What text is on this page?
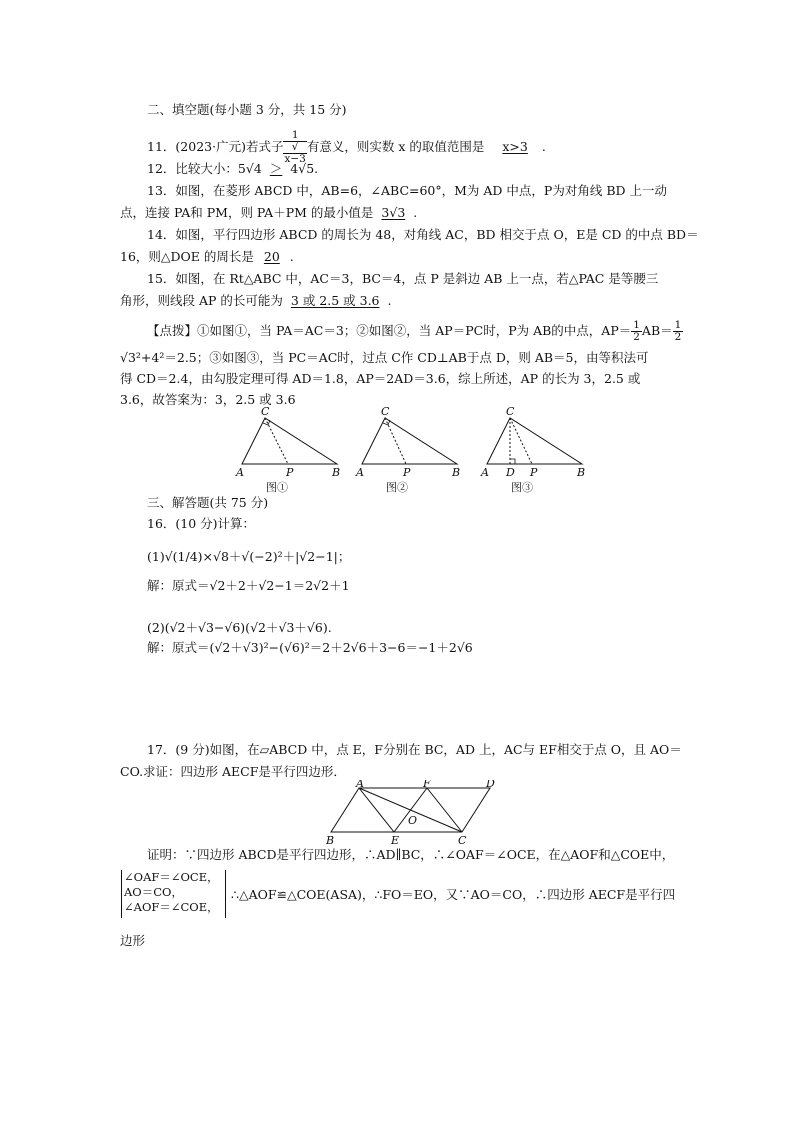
二、填空题(每小题 3 分，共 15 分)
11．(2023·广元)若式子 1
√
x−3 有意义，则实数 x 的取值范围是 x>3 .
12．比较大小：5√4 ＞ 4√5.
13．如图，在菱形 ABCD 中，AB=6，∠ABC=60°，M为 AD 中点，P为对角线 BD 上一动
点，连接 PA和 PM，则 PA＋PM 的最小值是 3√3 .
14．如图，平行四边形 ABCD 的周长为 48，对角线 AC，BD 相交于点 O，E是 CD 的中点 BD＝
16，则△DOE 的周长是 20 .
15．如图，在 Rt△ABC 中，AC＝3，BC＝4，点 P 是斜边 AB 上一点，若△PAC 是等腰三
角形，则线段 AP 的长可能为 3 或 2.5 或 3.6 .
【点拨】①如图①，当 PA＝AC＝3；②如图②，当 AP＝PC时，P为 AB的中点，$AP= \frac{1}{2} AB= \frac{1}{2}$
√3²+4²＝2.5；③如图③，当 PC＝AC时，过点 C作 CD⊥AB于点 D，则 AB＝5，由等积法可
得 CD＝2.4，由勾股定理可得 AD＝1.8，AP＝2AD＝3.6，综上所述，AP 的长为 3，2.5 或
3.6，故答案为：3，2.5 或 3.6
C
A	P	B
C
A	P	B
C
A D P	B
图①	图②	图③
三、解答题(共 75 分)
16．(10 分)计算：
(1)√(1/4)×√8＋√(−2)²＋|√2−1|；
解：原式＝√2＋2＋√2−1＝2√2＋1
(2)(√2＋√3−√6)(√2＋√3＋√6).
解：原式＝(√2＋√3)²−(√6)²＝2＋2√6＋3−6＝−1＋2√6
17．(9 分)如图，在▱ABCD 中，点 E，F分别在 BC，AD 上，AC与 EF相交于点 O，且 AO＝
CO.求证：四边形 AECF是平行四边形．
A	F	D
O
B	E	C
证明：∵四边形 ABCD是平行四边形，∴AD∥BC，∴∠OAF＝∠OCE，在△AOF和△COE中，
∠OAF＝∠OCE，
AO＝CO，
∠AOF＝∠COE，
∴△AOF≌△COE(ASA)，∴FO＝EO，又∵AO＝CO，∴四边形 AECF是平行四
边形
